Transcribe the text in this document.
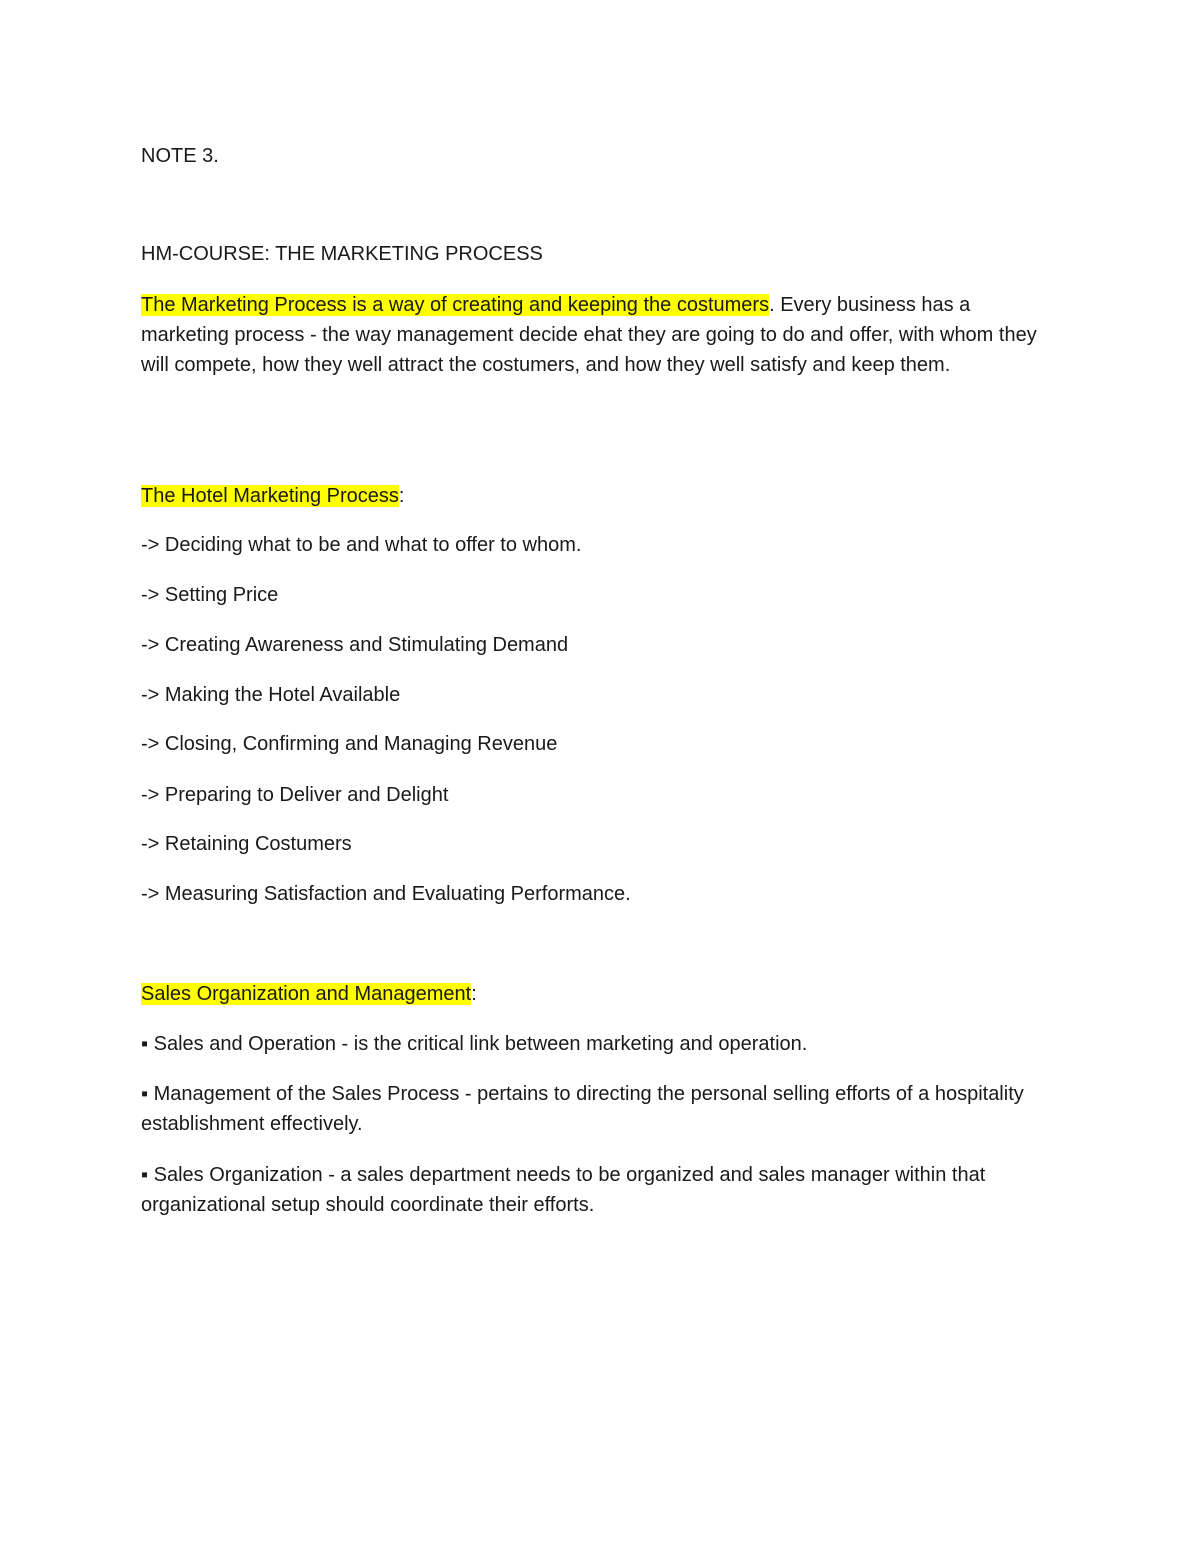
NOTE 3.

HM-COURSE: THE MARKETING PROCESS

The Marketing Process is a way of creating and keeping the costumers. Every business has a marketing process - the way management decide ehat they are going to do and offer, with whom they will compete, how they well attract the costumers, and how they well satisfy and keep them.

The Hotel Marketing Process:

-> Deciding what to be and what to offer to whom.

-> Setting Price

-> Creating Awareness and Stimulating Demand

-> Making the Hotel Available

-> Closing, Confirming and Managing Revenue

-> Preparing to Deliver and Delight

-> Retaining Costumers

-> Measuring Satisfaction and Evaluating Performance.

Sales Organization and Management:

▪ Sales and Operation - is the critical link between marketing and operation.

▪ Management of the Sales Process - pertains to directing the personal selling efforts of a hospitality establishment effectively.

▪ Sales Organization - a sales department needs to be organized and sales manager within that organizational setup should coordinate their efforts.
